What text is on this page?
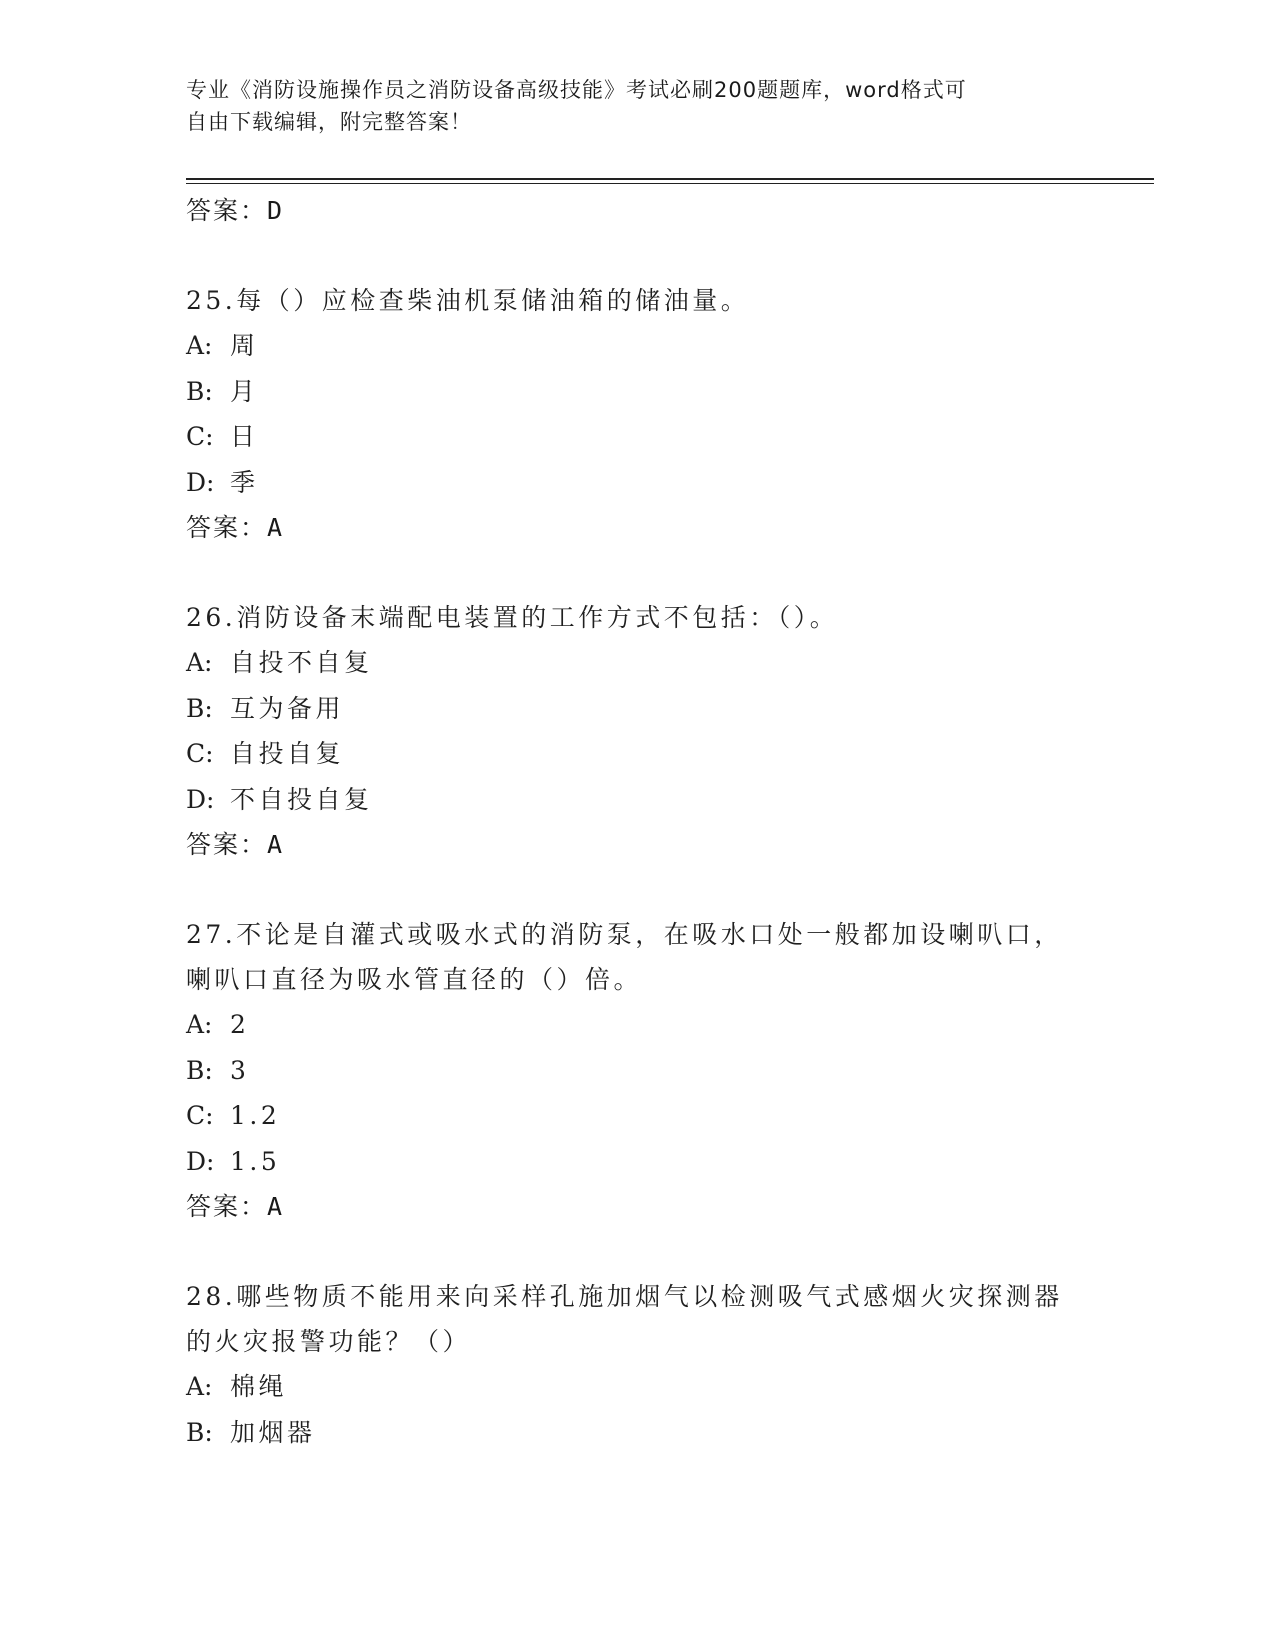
专业《消防设施操作员之消防设备高级技能》考试必刷200题题库，word格式可
自由下载编辑，附完整答案！
答案：D
25.每（）应检查柴油机泵储油箱的储油量。
A: 周
B: 月
C: 日
D: 季
答案：A
26.消防设备末端配电装置的工作方式不包括：（）。
A: 自投不自复
B: 互为备用
C: 自投自复
D: 不自投自复
答案：A
27.不论是自灌式或吸水式的消防泵，在吸水口处一般都加设喇叭口，
喇叭口直径为吸水管直径的（）倍。
A: 2
B: 3
C: 1.2
D: 1.5
答案：A
28.哪些物质不能用来向采样孔施加烟气以检测吸气式感烟火灾探测器
的火灾报警功能？（）
A: 棉绳
B: 加烟器
